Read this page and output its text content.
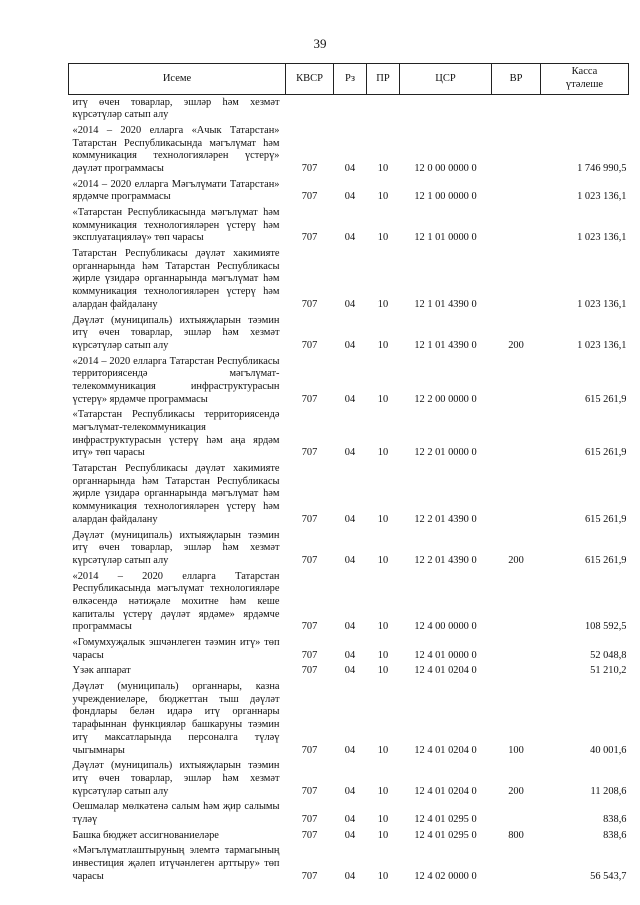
39
Исеме	КВСР	Рз	ПР	ЦСР	ВР	Касса
үтәлеше
итү өчен товарлар, эшләр һәм хезмәт күрсәтүләр сатып алу						
«2014 – 2020 елларга «Ачык Татарстан» Татарстан Республикасында мәгълүмат һәм коммуникация технологияләрен үстерү» дәүләт программасы	707	04	10	12 0 00 0000 0		1 746 990,5
«2014 – 2020 елларга Мәгълүмати Татарстан» ярдәмче программасы	707	04	10	12 1 00 0000 0		1 023 136,1
«Татарстан Республикасында мәгълүмат һәм коммуникация технологияләрен үстерү һәм эксплуатацияләү» төп чарасы	707	04	10	12 1 01 0000 0		1 023 136,1
Татарстан Республикасы дәүләт хакимияте органнарында һәм Татарстан Республикасы җирле үзидарә органнарында мәгълүмат һәм коммуникация технологияләрен үстерү һәм алардан файдалану	707	04	10	12 1 01 4390 0		1 023 136,1
Дәүләт (муниципаль) ихтыяҗларын тәэмин итү өчен товарлар, эшләр һәм хезмәт күрсәтүләр сатып алу	707	04	10	12 1 01 4390 0	200	1 023 136,1
«2014 – 2020 елларга Татарстан Республикасы территориясендә мәгълүмат-телекоммуникация инфраструктурасын үстерү» ярдәмче программасы	707	04	10	12 2 00 0000 0		615 261,9
«Татарстан Республикасы территориясендә мәгълүмат-телекоммуникация инфраструктурасын үстерү һәм аңа ярдәм итү» төп чарасы	707	04	10	12 2 01 0000 0		615 261,9
Татарстан Республикасы дәүләт хакимияте органнарында һәм Татарстан Республикасы җирле үзидарә органнарында мәгълүмат һәм коммуникация технологияләрен үстерү һәм алардан файдалану	707	04	10	12 2 01 4390 0		615 261,9
Дәүләт (муниципаль) ихтыяҗларын тәэмин итү өчен товарлар, эшләр һәм хезмәт күрсәтүләр сатып алу	707	04	10	12 2 01 4390 0	200	615 261,9
«2014 – 2020 елларга Татарстан Республикасында мәгълүмат технологияләре өлкәсендә нәтиҗәле мохитне һәм кеше капиталы үстерү дәүләт ярдәме» ярдәмче программасы	707	04	10	12 4 00 0000 0		108 592,5
«Гомумхуҗалык эшчәнлеген тәэмин итү» төп чарасы	707	04	10	12 4 01 0000 0		52 048,8
Үзәк аппарат	707	04	10	12 4 01 0204 0		51 210,2
Дәүләт (муниципаль) органнары, казна учреждениеләре, бюджеттан тыш дәүләт фондлары белән идарә итү органнары тарафыннан функцияләр башкаруны тәэмин итү максатларында персоналга түләү чыгымнары	707	04	10	12 4 01 0204 0	100	40 001,6
Дәүләт (муниципаль) ихтыяҗларын тәэмин итү өчен товарлар, эшләр һәм хезмәт күрсәтүләр сатып алу	707	04	10	12 4 01 0204 0	200	11 208,6
Оешмалар мөлкәтенә салым һәм җир салымы түләү	707	04	10	12 4 01 0295 0		838,6
Башка бюджет ассигнованиеләре	707	04	10	12 4 01 0295 0	800	838,6
«Мәгълүматлаштыруның элемтә тармагының инвестиция җәлеп итүчәнлеген арттыру» төп чарасы	707	04	10	12 4 02 0000 0		56 543,7
